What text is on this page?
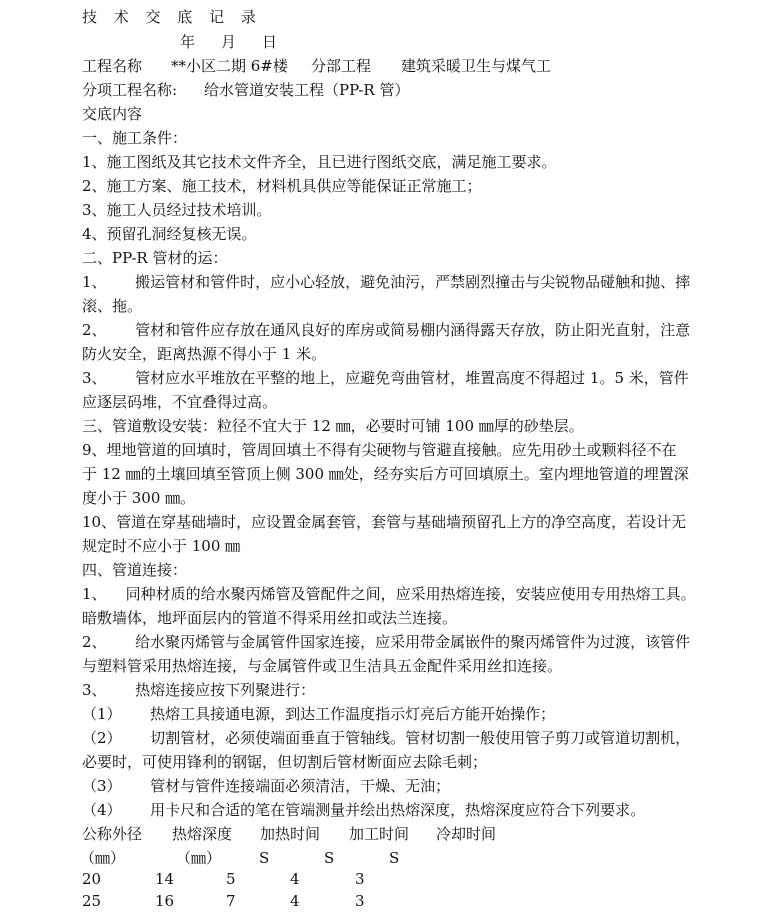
技 术 交 底 记 录
年 月 日
工程名称 **小区二期 6#楼 分部工程 建筑采暖卫生与煤气工
分项工程名称: 给水管道安装工程（PP-R 管）
交底内容
一、施工条件：
1、施工图纸及其它技术文件齐全，且已进行图纸交底，满足施工要求。
2、施工方案、施工技术，材料机具供应等能保证正常施工；
3、施工人员经过技术培训。
4、预留孔洞经复核无误。
二、PP-R 管材的运：
1、      搬运管材和管件时，应小心轻放，避免油污，严禁剧烈撞击与尖锐物品碰触和抛、摔
滚、拖。
2、      管材和管件应存放在通风良好的库房或简易棚内涵得露天存放，防止阳光直射，注意
防火安全，距离热源不得小于 1 米。
3、      管材应水平堆放在平整的地上，应避免弯曲管材，堆置高度不得超过 1。5 米，管件
应逐层码堆，不宜叠得过高。
三、管道敷设安装：粒径不宜大于 12 ㎜，必要时可铺 100 ㎜厚的砂垫层。
9、埋地管道的回填时，管周回填土不得有尖硬物与管避直接触。应先用砂土或颗料径不在
于 12 ㎜的土壤回填至管顶上侧 300 ㎜处，经夯实后方可回填原土。室内埋地管道的埋置深
度小于 300 ㎜。
10、管道在穿基础墙时，应设置金属套管，套管与基础墙预留孔上方的净空高度，若设计无
规定时不应小于 100 ㎜
四、管道连接：
1、    同种材质的给水聚丙烯管及管配件之间，应采用热熔连接，安装应使用专用热熔工具。
暗敷墙体，地坪面层内的管道不得采用丝扣或法兰连接。
2、      给水聚丙烯管与金属管件国家连接，应采用带金属嵌件的聚丙烯管件为过渡，该管件
与塑料管采用热熔连接，与金属管件或卫生洁具五金配件采用丝扣连接。
3、      热熔连接应按下列聚进行：
（1）      热熔工具接通电源，到达工作温度指示灯亮后方能开始操作；
（2）      切割管材，必须使端面垂直于管轴线。管材切割一般使用管子剪刀或管道切割机，
必要时，可使用锋利的钢锯，但切割后管材断面应去除毛刺；
（3）      管材与管件连接端面必须清洁，干燥、无油；
（4）      用卡尺和合适的笔在管端测量并绘出热熔深度，热熔深度应符合下列要求。
公称外径 热熔深度 加热时间 加工时间 冷却时间
（㎜）	（㎜）	S	S	S
20	14	5	4	3
25	16	7	4	3
